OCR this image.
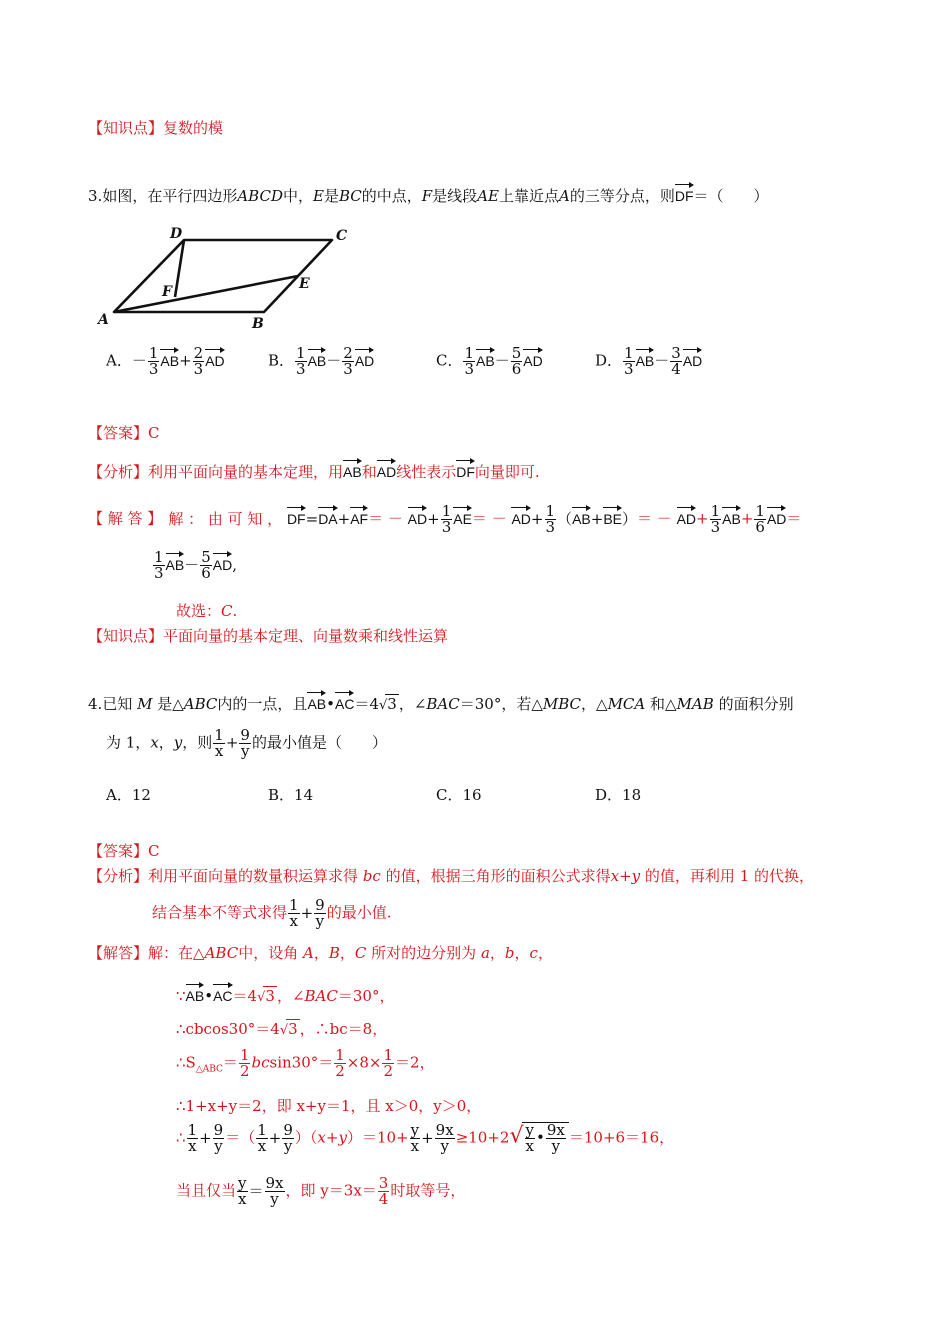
【知识点】复数的模
3.如图，在平行四边形ABCD中，E是BC的中点，F是线段AE上靠近点A的三等分点，则DF＝（　　）
A	B
C
D
E
F
A．－ $\frac{1}{3} AB+ \frac{2}{3}$ AD	B． $\frac{1}{3} AB- \frac{2}{3}$ AD	C． $\frac{1}{3} AB- \frac{5}{6}$ AD	D． $\frac{1}{3} AB- \frac{3}{4}$ AD
【答案】C
【分析】利用平面向量的基本定理，用AB和AD线性表示DF向量即可.
【 解 答 】 解 ： 由 可 知 ， $DF=DA+AF= - AD+ \frac{1}{3} AE= - AD+ \frac{1}{3} (AB+BE)= - AD+ \frac{1}{3} AB+ \frac{1}{6} AD=$
$\frac{1}{3} AB- \frac{5}{6}$ AD,
故选：C.
【知识点】平面向量的基本定理、向量数乘和线性运算
4.已知 M 是△ABC内的一点，且AB•AC＝4√3 ，∠BAC＝30°，若△MBC，△MCA 和△MAB 的面积分别
为 1，x，y，则 $\frac{1}{x} + \frac{9}{y}$ 的最小值是（　　）
A．12	B．14	C．16	D．18
【答案】C
【分析】利用平面向量的数量积运算求得 bc 的值，根据三角形的面积公式求得x+y 的值，再利用 1 的代换，
结合基本不等式求得 $\frac{1}{x} + \frac{9}{y}$ 的最小值.
【解答】解：在△ABC中，设角 A，B，C 所对的边分别为 a，b，c，
∵AB•AC＝4√3 ，∠BAC＝30°，
∴cbcos30°＝4√3 ，∴bc＝8，
$\therefore S_{\triangle ABC}= \frac{1}{2} bcsin30^\circ= \frac{1}{2} \times 8\times \frac{1}{2} =2$，
∴1+x+y＝2，即 x+y＝1，且 x＞0，y＞0，
∴ $\frac{1}{x} + \frac{9}{y}$ ＝（ $\frac{1}{x} + \frac{9}{y} )(x+y)=10+ \frac{y}{x} + \frac{9x}{y} \ge 10+2√ \frac{y}{x}$ • $\frac{9x}{y} =10+6=16$，
当且仅当 $\frac{y}{x} = \frac{9x}{y}$ ，即 $y=3x= \frac{3}{4}$ 时取等号，
